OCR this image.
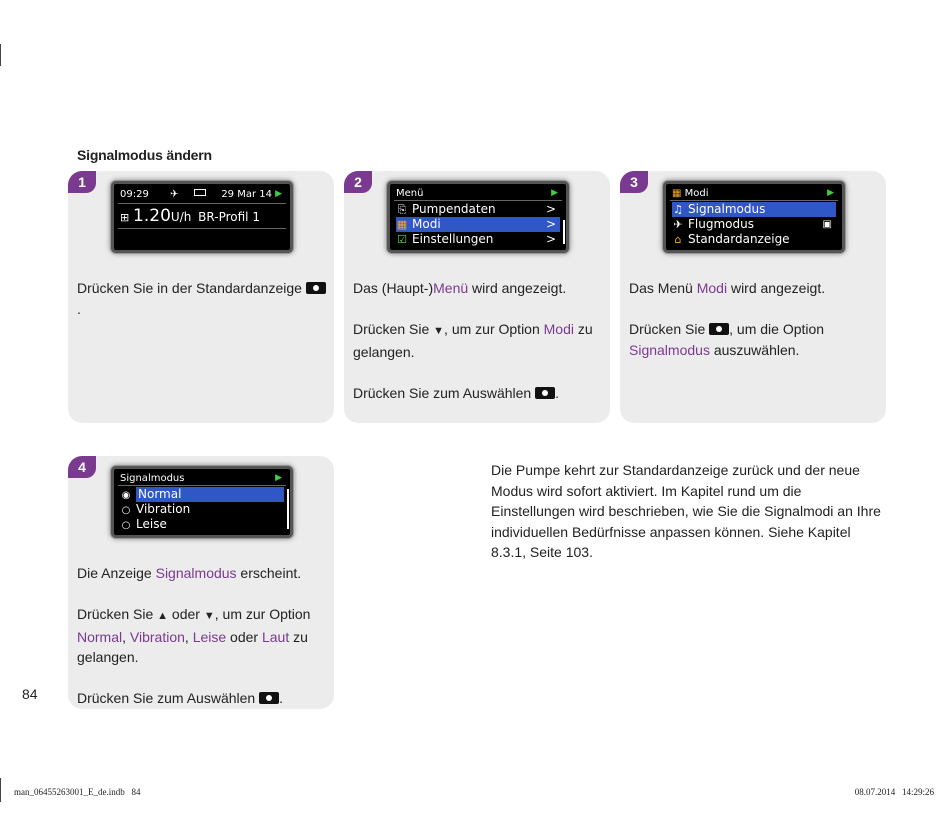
Signalmodus ändern
1
09:29 ✈	29 Mar 14 ▶
⊞ 1.20U/h BR-Profil 1

Drücken Sie in der Standardanzeige .

2
Menü	▶
⎘ Pumpendaten	>
▦ Modi	>
☑ Einstellungen	>

Das (Haupt-)Menü wird angezeigt.

Drücken Sie ▼, um zur Option Modi zu gelangen.

Drücken Sie zum Auswählen .

3
▦ Modi	▶
♫ Signalmodus
✈ Flugmodus	▣
⌂ Standardanzeige

Das Menü Modi wird angezeigt.

Drücken Sie , um die Option
Signalmodus auszuwählen.

4
Signalmodus	▶
◉ Normal
○ Vibration
○ Leise

Die Anzeige Signalmodus erscheint.

Drücken Sie ▲ oder ▼, um zur Option
Normal, Vibration, Leise oder Laut zu gelangen.

Drücken Sie zum Auswählen .

Die Pumpe kehrt zur Standardanzeige zurück und der neue Modus wird sofort aktiviert. Im Kapitel rund um die Einstellungen wird beschrieben, wie Sie die Signalmodi an Ihre individuellen Bedürfnisse anpassen können. Siehe Kapitel 8.3.1, Seite 103.
84
man_06455263001_E_de.indb   84	08.07.2014   14:29:26
